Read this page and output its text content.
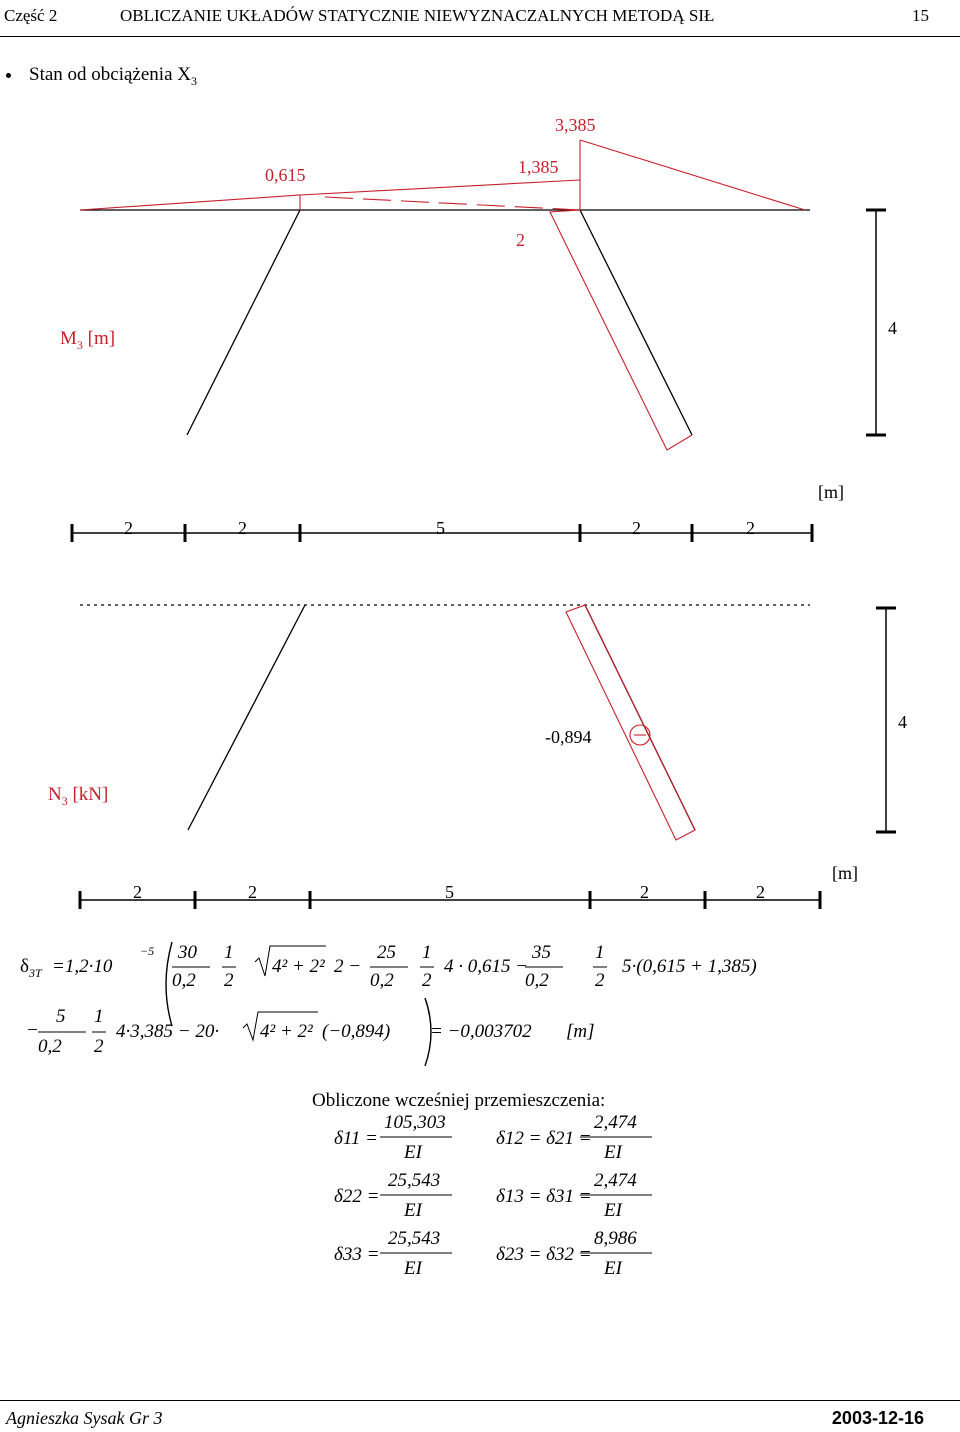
Część 2	OBLICZANIE UKŁADÓW STATYCZNIE NIEWYZNACZALNYCH METODĄ SIŁ	15
Stan od obciążenia $X_3$
3,385
0,615	1,385
2
$M_3$ [m]	4
[m]
2	2	5	2	2
-0,894
$N_3$ [kN]
4
[m]
2	2	5	2	2
$\delta_{3T} =1,2\cdot 10$
−5 30
0,2
1
2
4² + 2² 2 −
25
0,2
1
2
4 · 0,615 −
35
0,2
1
2
5·(0,615 + 1,385)
−
5
0,2
1
2
4·3,385 − 20· 4² + 2² (−0,894) = −0,003702 [m]
Obliczone wcześniej przemieszczenia:
δ11 =
105,303
EI
δ12 = δ21 =
2,474
EI
δ22 =
25,543
EI
δ13 = δ31 =
2,474
EI
δ33 =
25,543
EI
δ23 = δ32 =
8,986
EI
Agnieszka Sysak Gr 3	2003-12-16
